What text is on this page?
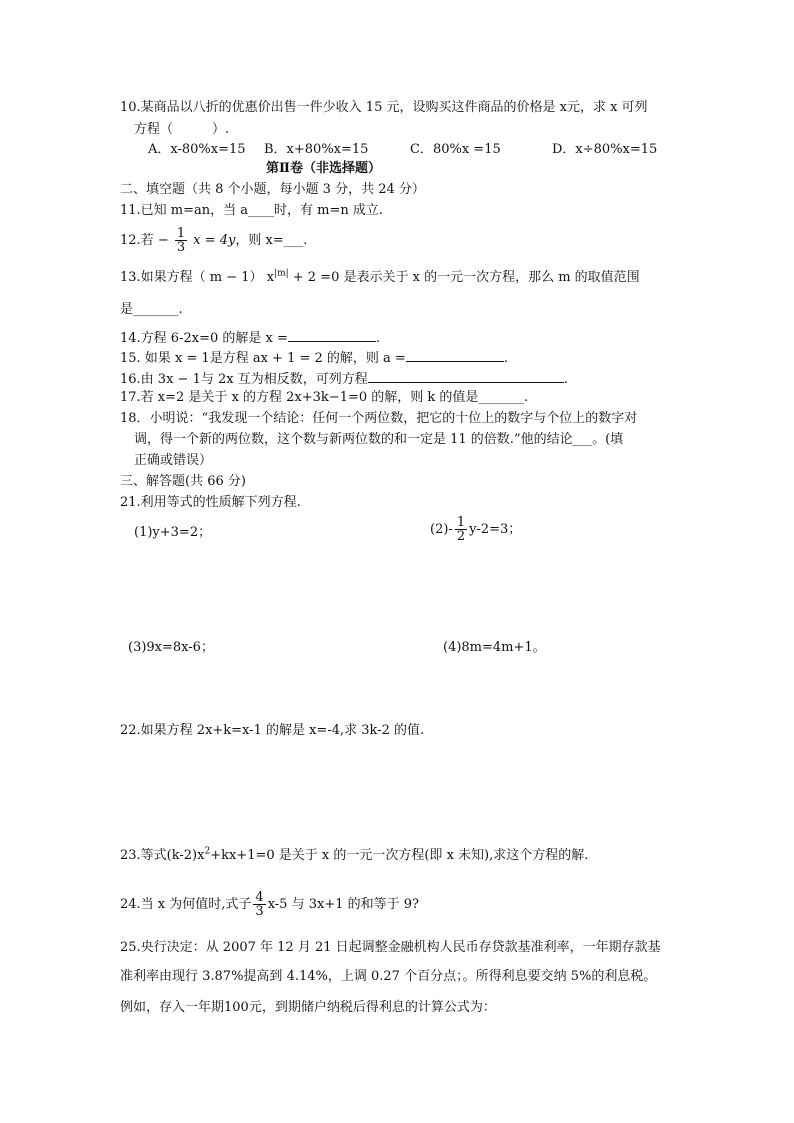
10.某商品以八折的优惠价出售一件少收入 15 元，设购买这件商品的价格是 x元，求 x 可列
方程（　　　）.
A．x-80%x=15 B．x+80%x=15	C．80%x =15	D．x÷80%x=15
第Ⅱ卷（非选择题）
二、填空题（共 8 个小题，每小题 3 分，共 24 分）
11.已知 m=an，当 a____时，有 m=n 成立.
12.若 − $\frac{1}{3}$ x = 4y，则 x=___.
13.如果方程（ m − 1） $x^{|m|} + 2 =0$ 是表示关于 x 的一元一次方程，那么 m 的取值范围
是_______.
14.方程 6-2x=0 的解是 x =	.
15. 如果 x = 1是方程 ax + 1 = 2 的解，则 a =	.
16.由 3x − 1与 2x 互为相反数，可列方程	.
17.若 x=2 是关于 x 的方程 2x+3k−1=0 的解，则 k 的值是_______.
18．小明说：“我发现一个结论：任何一个两位数，把它的十位上的数字与个位上的数字对
调，得一个新的两位数，这个数与新两位数的和一定是 11 的倍数.”他的结论___。(填
正确或错误）
三、解答题(共 66 分)
21.利用等式的性质解下列方程.
(1)y+3=2；	$(2)- \frac{1}{2} y-2=3$；
(3)9x=8x-6；	(4)8m=4m+1。
22.如果方程 2x+k=x-1 的解是 x=-4,求 3k-2 的值.
23.等式$(k-2)x^2+kx+1=0$ 是关于 x 的一元一次方程(即 x 未知),求这个方程的解.
24.当 x 为何值时,式子 $\frac{4}{3} x-5$ 与 3x+1 的和等于 9?
25.央行决定：从 2007 年 12 月 21 日起调整金融机构人民币存贷款基准利率，一年期存款基
准利率由现行 3.87%提高到 4.14%，上调 0.27 个百分点；。所得利息要交纳 5%的利息税。
例如，存入一年期100元，到期储户纳税后得利息的计算公式为：
